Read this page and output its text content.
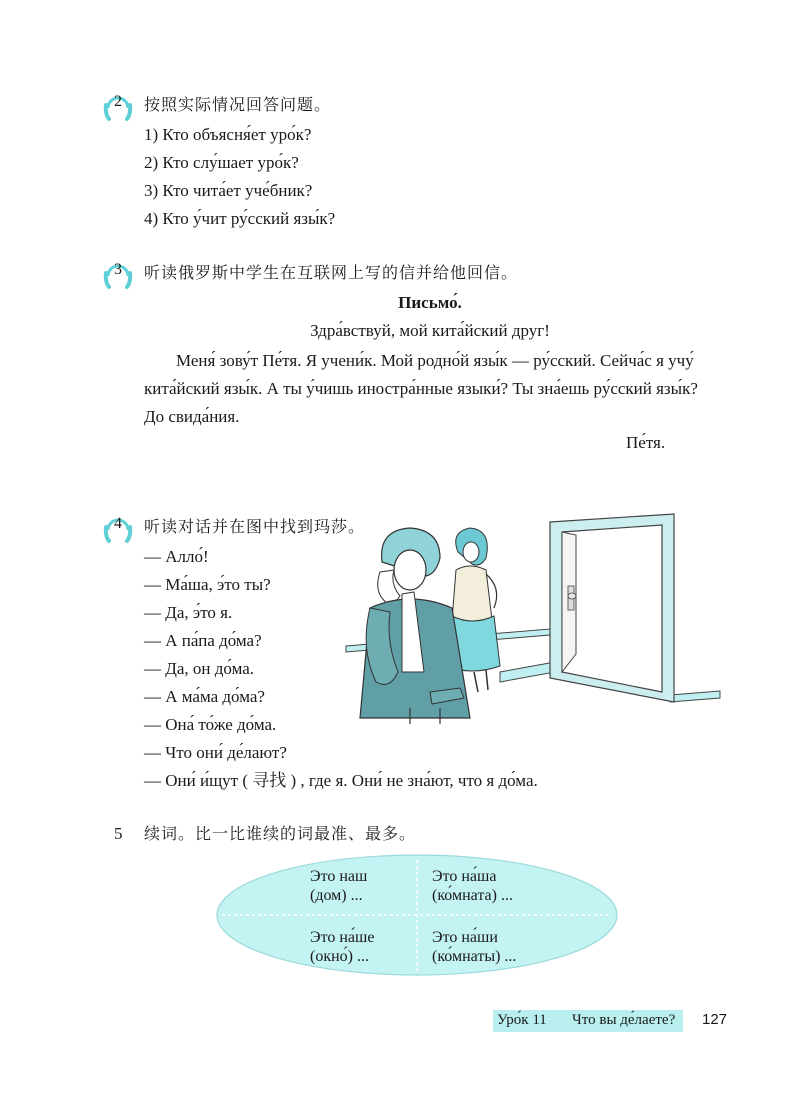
2	按照实际情况回答问题。
1) Кто объясня́ет уро́к?
2) Кто слу́шает уро́к?
3) Кто чита́ет уче́бник?
4) Кто у́чит ру́сский язы́к?
3	听读俄罗斯中学生在互联网上写的信并给他回信。
Письмо́.
Здра́вствуй, мой кита́йский друг!
Меня́ зову́т Пе́тя. Я учени́к. Мой родно́й язы́к — ру́сский. Сейча́с я учу́
кита́йский язы́к. А ты у́чишь иностра́нные языки́? Ты зна́ешь ру́сский язы́к?
До свида́ния.
Пе́тя.
4	听读对话并在图中找到玛莎。
— Алло́!
— Ма́ша, э́то ты?
— Да, э́то я.
— А па́па до́ма?
— Да, он до́ма.
— А ма́ма до́ма?
— Она́ то́же до́ма.
— Что они́ де́лают?
— Они́ и́щут ( 寻找 ) , где я. Они́ не зна́ют, что я до́ма.
5 续词。比一比谁续的词最准、最多。
Это наш
(дом) ...
Это на́ша
(ко́мната) ...
Это на́ше
(окно́) ...
Это на́ши
(ко́мнаты) ...
Уро́к 11 Что вы де́лаете? 127
